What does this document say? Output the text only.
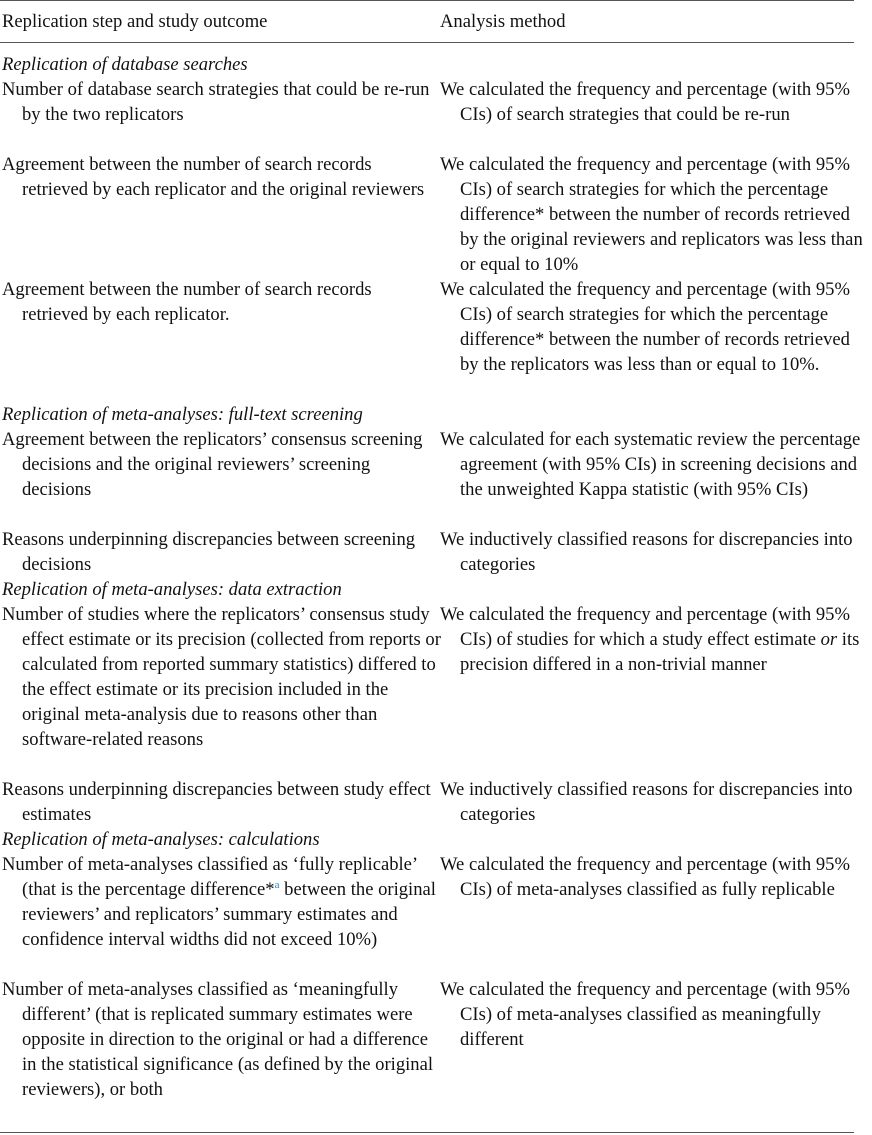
Replication step and study outcome	Analysis method
Replication of database searches
Number of database search strategies that could be re-run by the two replicators
We calculated the frequency and percentage (with 95% CIs) of search strategies that could be re-run
Agreement between the number of search records retrieved by each replicator and the original reviewers
We calculated the frequency and percentage (with 95% CIs) of search strategies for which the percentage difference* between the number of records retrieved by the original reviewers and replicators was less than or equal to 10%
Agreement between the number of search records retrieved by each replicator.
We calculated the frequency and percentage (with 95% CIs) of search strategies for which the percentage difference* between the number of records retrieved by the replicators was less than or equal to 10%.
Replication of meta-analyses: full-text screening
Agreement between the replicators’ consensus screening decisions and the original reviewers’ screening decisions
We calculated for each systematic review the percentage agreement (with 95% CIs) in screening decisions and the unweighted Kappa statistic (with 95% CIs)
Reasons underpinning discrepancies between screening decisions
We inductively classified reasons for discrepancies into categories
Replication of meta-analyses: data extraction
Number of studies where the replicators’ consensus study effect estimate or its precision (collected from reports or calculated from reported summary statistics) differed to the effect estimate or its precision included in the original meta-analysis due to reasons other than software-related reasons
We calculated the frequency and percentage (with 95% CIs) of studies for which a study effect estimate or its precision differed in a non-trivial manner
Reasons underpinning discrepancies between study effect estimates
We inductively classified reasons for discrepancies into categories
Replication of meta-analyses: calculations
Number of meta-analyses classified as ‘fully replicable’ (that is the percentage difference*$^a$ between the original reviewers’ and replicators’ summary estimates and confidence interval widths did not exceed 10%)
We calculated the frequency and percentage (with 95% CIs) of meta-analyses classified as fully replicable
Number of meta-analyses classified as ‘meaningfully different’ (that is replicated summary estimates were opposite in direction to the original or had a difference in the statistical significance (as defined by the original reviewers), or both
We calculated the frequency and percentage (with 95% CIs) of meta-analyses classified as meaningfully different
